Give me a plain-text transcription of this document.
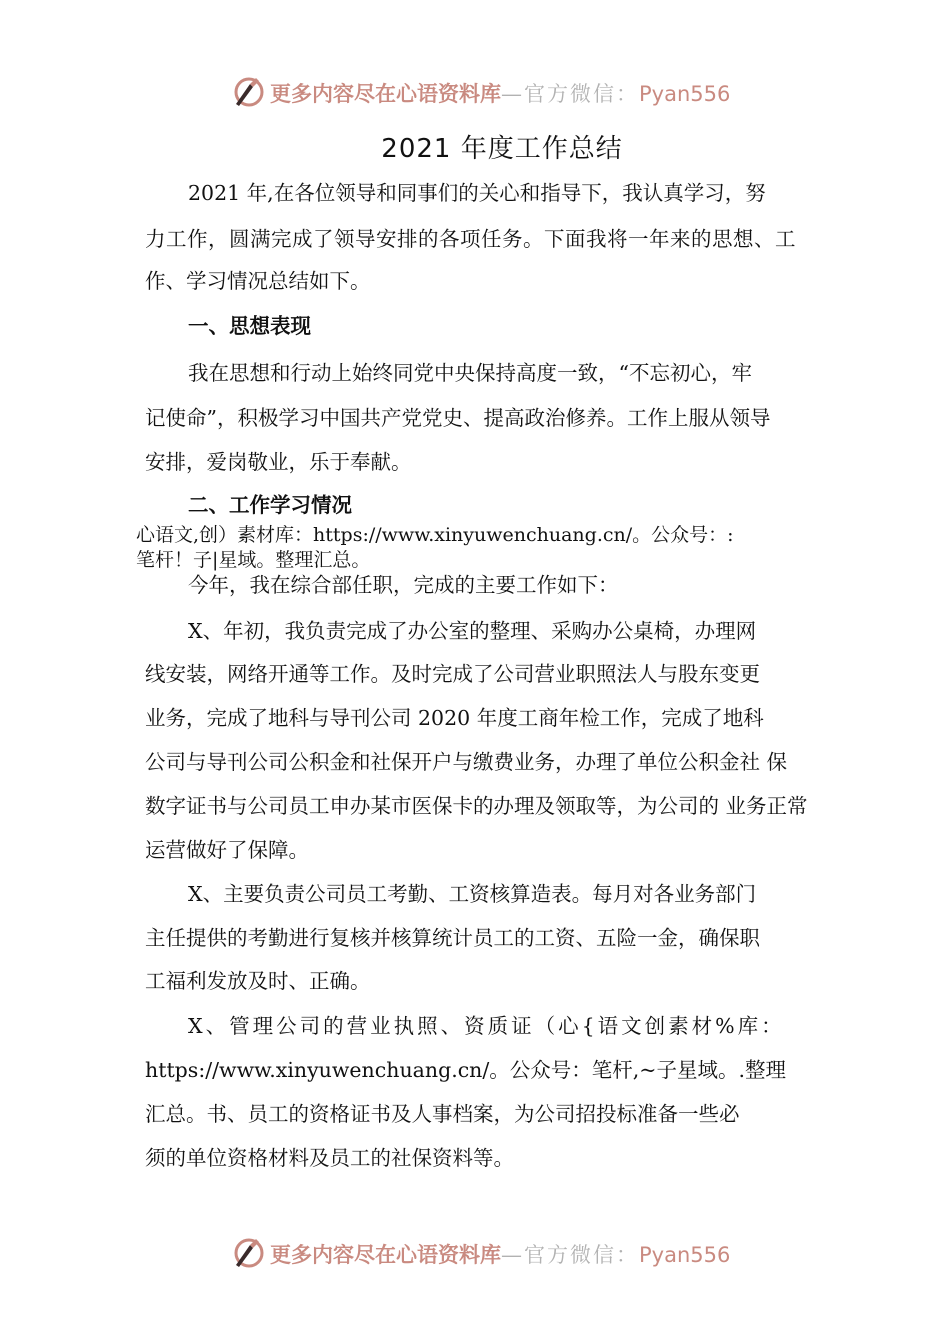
更多内容尽在心语资料库—官方微信：Pyan556
2021 年度工作总结
2021 年,在各位领导和同事们的关心和指导下，我认真学习，努
力工作，圆满完成了领导安排的各项任务。下面我将一年来的思想、工
作、学习情况总结如下。
一、思想表现
我在思想和行动上始终同党中央保持高度一致，“不忘初心，牢
记使命”，积极学习中国共产党党史、提高政治修养。工作上服从领导
安排，爱岗敬业，乐于奉献。
二、工作学习情况
心语文,创）素材库：https://www.xinyuwenchuang.cn/。公众号：:
笔杆！子|星域。整理汇总。
今年，我在综合部任职，完成的主要工作如下：
X、年初，我负责完成了办公室的整理、采购办公桌椅，办理网
线安装，网络开通等工作。及时完成了公司营业职照法人与股东变更
业务，完成了地科与导刊公司 2020 年度工商年检工作，完成了地科
公司与导刊公司公积金和社保开户与缴费业务，办理了单位公积金社 保
数字证书与公司员工申办某市医保卡的办理及领取等，为公司的 业务正常
运营做好了保障。
X、主要负责公司员工考勤、工资核算造表。每月对各业务部门
主任提供的考勤进行复核并核算统计员工的工资、五险一金，确保职
工福利发放及时、正确。
X、管理公司的营业执照、资质证（心{语文创素材%库：
https://www.xinyuwenchuang.cn/。公众号：笔杆,~子星域。.整理
汇总。书、员工的资格证书及人事档案，为公司招投标准备一些必
须的单位资格材料及员工的社保资料等。
更多内容尽在心语资料库—官方微信：Pyan556
